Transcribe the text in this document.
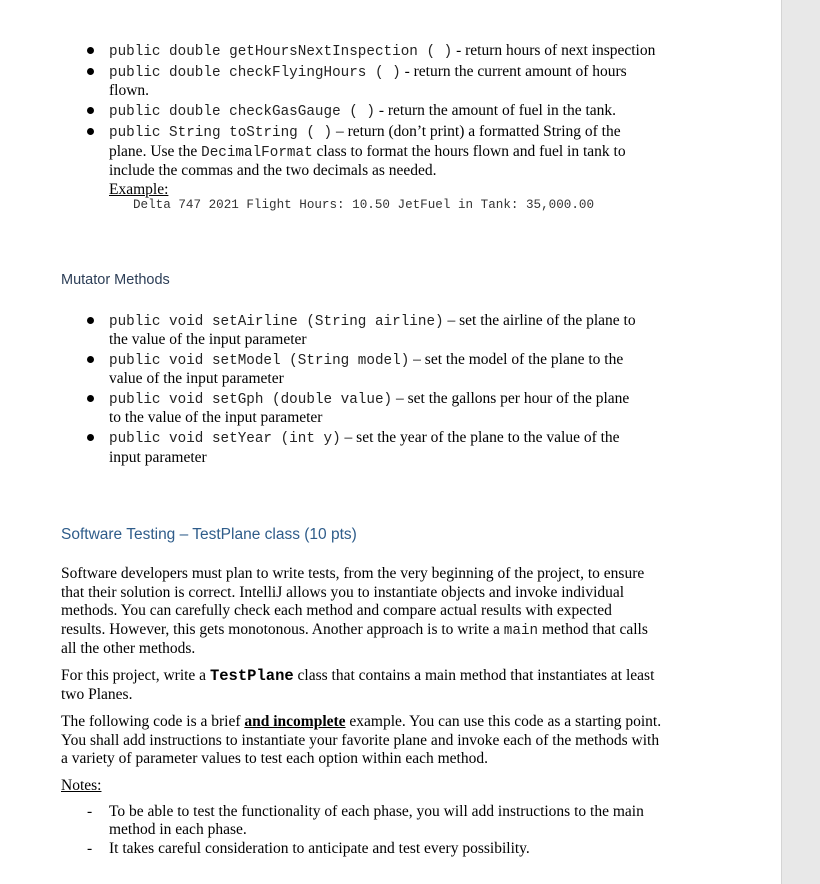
public double getHoursNextInspection ( ) - return hours of next inspection
public double checkFlyingHours ( ) - return the current amount of hours
flown.
public double checkGasGauge ( ) - return the amount of fuel in the tank.
public String toString ( ) – return (don’t print) a formatted String of the
plane. Use the DecimalFormat class to format the hours flown and fuel in tank to
include the commas and the two decimals as needed.
Example:
Delta 747 2021 Flight Hours: 10.50 JetFuel in Tank: 35,000.00
Mutator Methods
public void setAirline (String airline) – set the airline of the plane to
the value of the input parameter
public void setModel (String model) – set the model of the plane to the
value of the input parameter
public void setGph (double value) – set the gallons per hour of the plane
to the value of the input parameter
public void setYear (int y) – set the year of the plane to the value of the
input parameter
Software Testing – TestPlane class (10 pts)
Software developers must plan to write tests, from the very beginning of the project, to ensure
that their solution is correct. IntelliJ allows you to instantiate objects and invoke individual
methods. You can carefully check each method and compare actual results with expected
results. However, this gets monotonous. Another approach is to write a main method that calls
all the other methods.
For this project, write a TestPlane class that contains a main method that instantiates at least
two Planes.
The following code is a brief and incomplete example. You can use this code as a starting point.
You shall add instructions to instantiate your favorite plane and invoke each of the methods with
a variety of parameter values to test each option within each method.
Notes:
- To be able to test the functionality of each phase, you will add instructions to the main
method in each phase.
- It takes careful consideration to anticipate and test every possibility.
